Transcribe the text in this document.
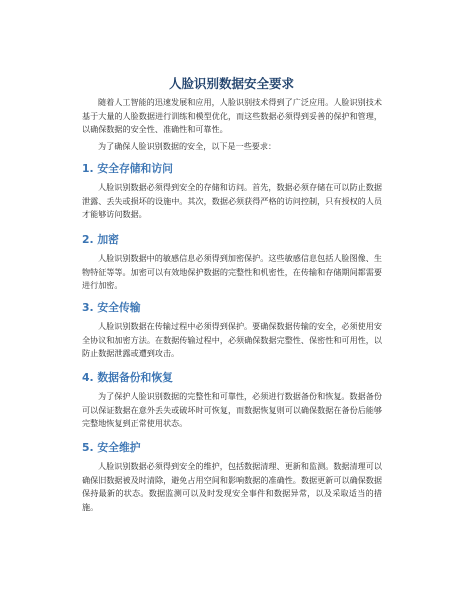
人脸识别数据安全要求

随着人工智能的迅速发展和应用，人脸识别技术得到了广泛应用。人脸识别技术基于大量的人脸数据进行训练和模型优化，而这些数据必须得到妥善的保护和管理，以确保数据的安全性、准确性和可靠性。

为了确保人脸识别数据的安全，以下是一些要求：

1. 安全存储和访问

人脸识别数据必须得到安全的存储和访问。首先，数据必须存储在可以防止数据泄露、丢失或损坏的设施中。其次，数据必须获得严格的访问控制，只有授权的人员才能够访问数据。

2. 加密

人脸识别数据中的敏感信息必须得到加密保护。这些敏感信息包括人脸图像、生物特征等等。加密可以有效地保护数据的完整性和机密性，在传输和存储期间都需要进行加密。

3. 安全传输

人脸识别数据在传输过程中必须得到保护。要确保数据传输的安全，必须使用安全协议和加密方法。在数据传输过程中，必须确保数据完整性、保密性和可用性，以防止数据泄露或遭到攻击。

4. 数据备份和恢复

为了保护人脸识别数据的完整性和可靠性，必须进行数据备份和恢复。数据备份可以保证数据在意外丢失或破坏时可恢复，而数据恢复则可以确保数据在备份后能够完整地恢复到正常使用状态。

5. 安全维护

人脸识别数据必须得到安全的维护，包括数据清理、更新和监测。数据清理可以确保旧数据被及时清除，避免占用空间和影响数据的准确性。数据更新可以确保数据保持最新的状态。数据监测可以及时发现安全事件和数据异常，以及采取适当的措施。
